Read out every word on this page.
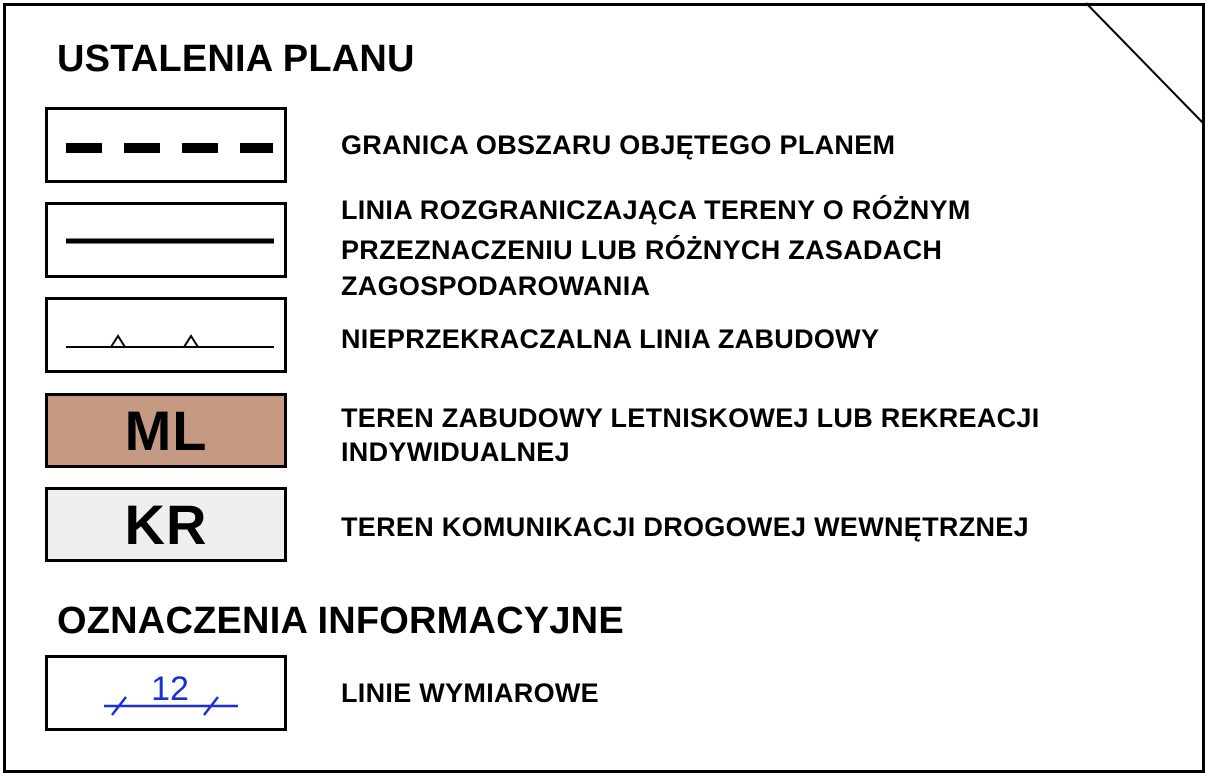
USTALENIA PLANU
GRANICA OBSZARU OBJĘTEGO PLANEM
LINIA ROZGRANICZAJĄCA TERENY O RÓŻNYM
PRZEZNACZENIU LUB RÓŻNYCH ZASADACH
ZAGOSPODAROWANIA
NIEPRZEKRACZALNA LINIA ZABUDOWY
ML	TEREN ZABUDOWY LETNISKOWEJ LUB REKREACJI
INDYWIDUALNEJ
KR	TEREN KOMUNIKACJI DROGOWEJ WEWNĘTRZNEJ
OZNACZENIA INFORMACYJNE
12	LINIE WYMIAROWE
